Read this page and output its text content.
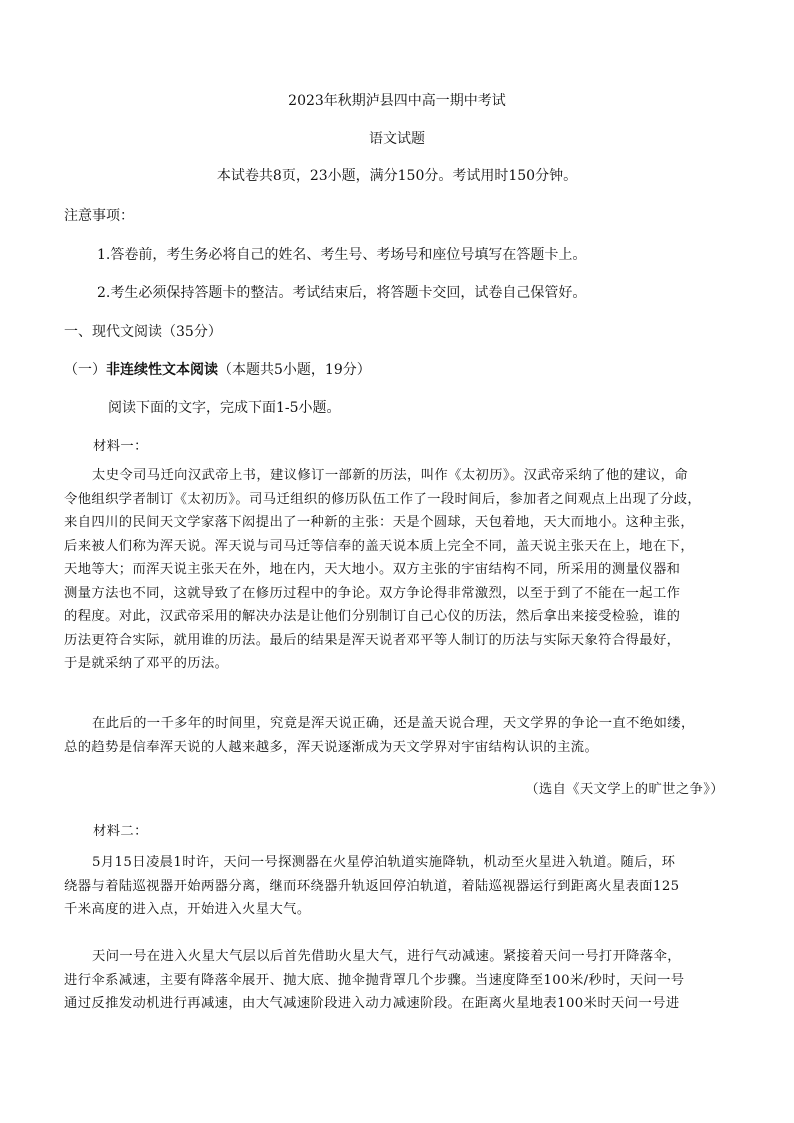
2023年秋期泸县四中高一期中考试
语文试题
本试卷共8页，23小题，满分150分。考试用时150分钟。
注意事项：
1.答卷前，考生务必将自己的姓名、考生号、考场号和座位号填写在答题卡上。
2.考生必须保持答题卡的整洁。考试结束后，将答题卡交回，试卷自己保管好。
一、现代文阅读（35分）
（一）非连续性文本阅读（本题共5小题，19分）
阅读下面的文字，完成下面1-5小题。
材料一：
太史令司马迁向汉武帝上书，建议修订一部新的历法，叫作《太初历》。汉武帝采纳了他的建议，命
令他组织学者制订《太初历》。司马迁组织的修历队伍工作了一段时间后，参加者之间观点上出现了分歧，
来自四川的民间天文学家落下闳提出了一种新的主张：天是个圆球，天包着地，天大而地小。这种主张，
后来被人们称为浑天说。浑天说与司马迁等信奉的盖天说本质上完全不同，盖天说主张天在上，地在下，
天地等大；而浑天说主张天在外，地在内，天大地小。双方主张的宇宙结构不同，所采用的测量仪器和
测量方法也不同，这就导致了在修历过程中的争论。双方争论得非常激烈，以至于到了不能在一起工作
的程度。对此，汉武帝采用的解决办法是让他们分别制订自己心仪的历法，然后拿出来接受检验，谁的
历法更符合实际，就用谁的历法。最后的结果是浑天说者邓平等人制订的历法与实际天象符合得最好，
于是就采纳了邓平的历法。
在此后的一千多年的时间里，究竟是浑天说正确，还是盖天说合理，天文学界的争论一直不绝如缕，
总的趋势是信奉浑天说的人越来越多，浑天说逐渐成为天文学界对宇宙结构认识的主流。
（选自《天文学上的旷世之争》）
材料二：
5月15日凌晨1时许，天问一号探测器在火星停泊轨道实施降轨，机动至火星进入轨道。随后，环
绕器与着陆巡视器开始两器分离，继而环绕器升轨返回停泊轨道，着陆巡视器运行到距离火星表面125
千米高度的进入点，开始进入火星大气。
天问一号在进入火星大气层以后首先借助火星大气，进行气动减速。紧接着天问一号打开降落伞，
进行伞系减速，主要有降落伞展开、抛大底、抛伞抛背罩几个步骤。当速度降至100米/秒时，天问一号
通过反推发动机进行再减速，由大气减速阶段进入动力减速阶段。在距离火星地表100米时天问一号进
